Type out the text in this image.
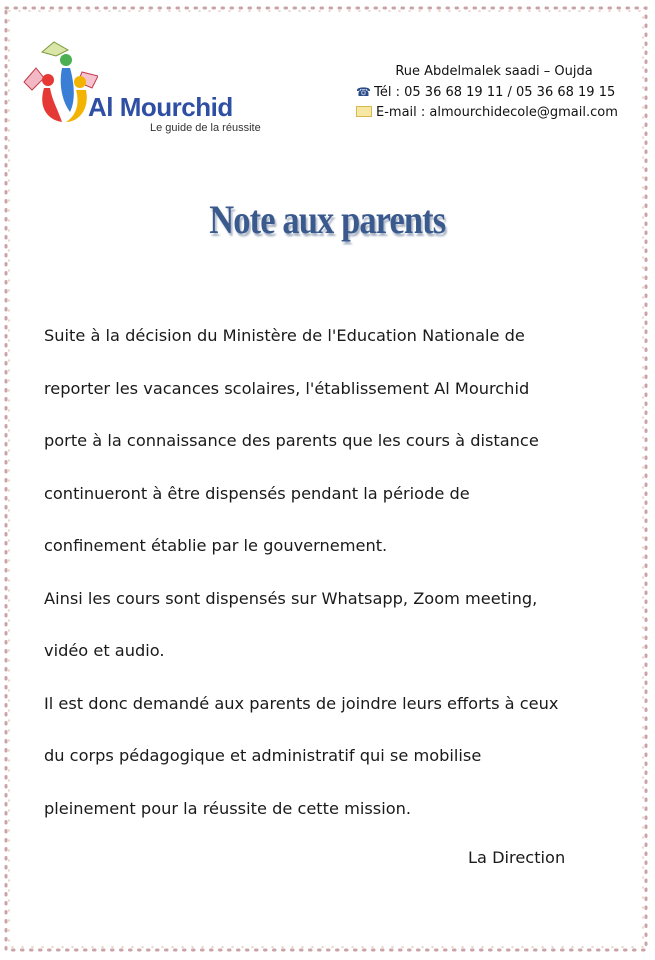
Al Mourchid
Le guide de la réussite
Rue Abdelmalek saadi – Oujda
☎ Tél : 05 36 68 19 11 / 05 36 68 19 15
E-mail : almourchidecole@gmail.com
Note aux parents

Suite à la décision du Ministère de l'Education Nationale de

reporter les vacances scolaires, l'établissement Al Mourchid

porte à la connaissance des parents que les cours à distance

continueront à être dispensés pendant la période de

confinement établie par le gouvernement.

Ainsi les cours sont dispensés sur Whatsapp, Zoom meeting,

vidéo et audio.

Il est donc demandé aux parents de joindre leurs efforts à ceux

du corps pédagogique et administratif qui se mobilise

pleinement pour la réussite de cette mission.

La Direction
